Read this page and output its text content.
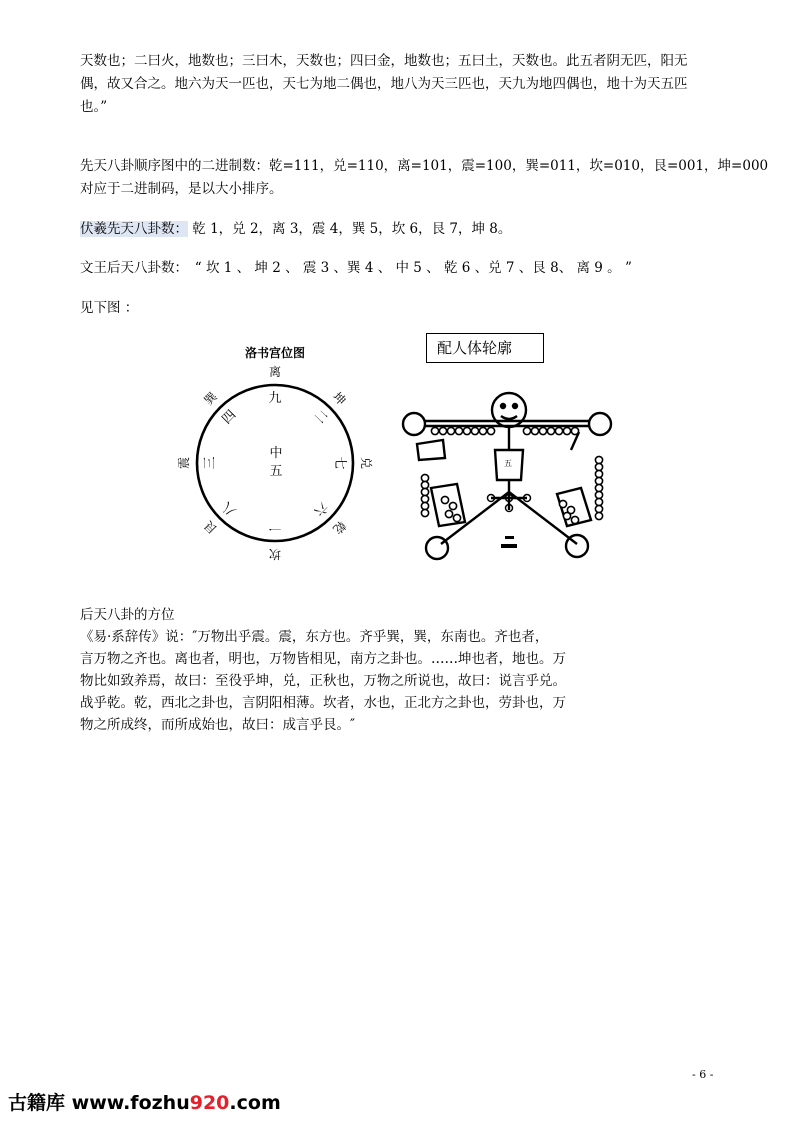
天数也；二曰火，地数也；三曰木，天数也；四曰金，地数也；五曰土，天数也。此五者阴无匹，阳无

偶，故又合之。地六为天一匹也，天七为地二偶也，地八为天三匹也，天九为地四偶也，地十为天五匹

也。”

先天八卦顺序图中的二进制数：乾=111，兑=110，离=101，震=100，巽=011，坎=010，艮=001，坤=000

对应于二进制码，是以大小排序。

伏羲先天八卦数： 乾 1，兑 2，离 3，震 4，巽 5，坎 6，艮 7，坤 8。

文王后天八卦数：　“ 坎 1 、 坤 2 、 震 3 、巽 4 、 中 5 、 乾 6 、兑 7 、艮 8、 离 9 。 ”

见下图 ：

洛书宫位图
中
五
离
坤
兑
乾
坎
艮
震
巽	九
二
七
六
一
八
三
四
配人体轮廓
五

后天八卦的方位

《易·系辞传》说：″万物出乎震。震，东方也。齐乎巽，巽，东南也。齐也者，

言万物之齐也。离也者，明也，万物皆相见，南方之卦也。……坤也者，地也。万

物比如致养焉，故曰：至役乎坤，兑，正秋也，万物之所说也，故曰：说言乎兑。

战乎乾。乾，西北之卦也，言阴阳相薄。坎者，水也，正北方之卦也，劳卦也，万

物之所成终，而所成始也，故曰：成言乎艮。″

- 6 -
古籍库 www.fozhu920.com
